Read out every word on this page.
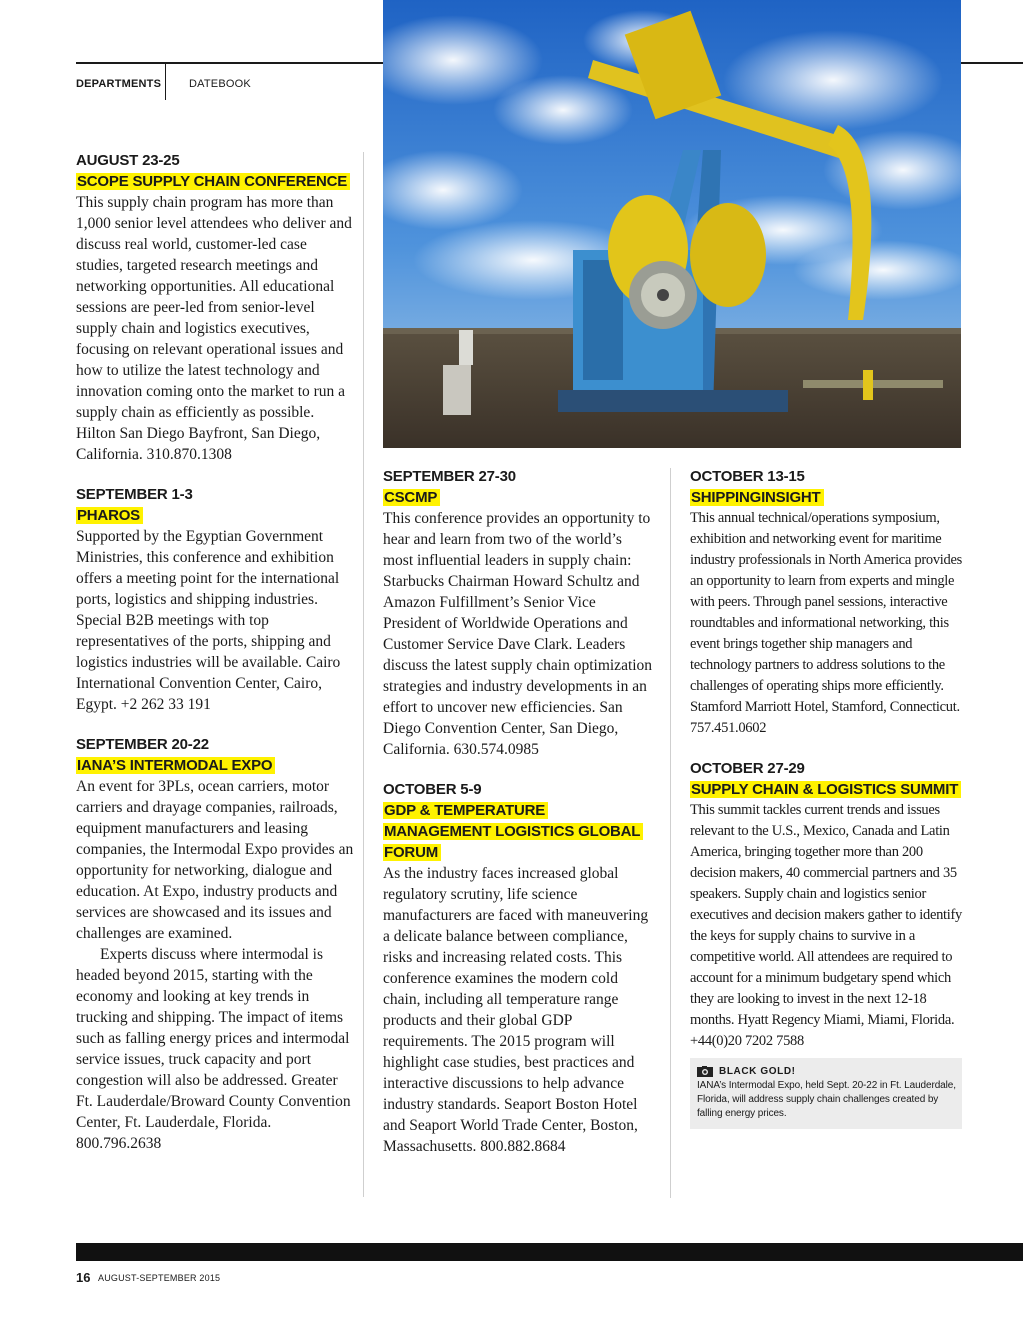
DEPARTMENTS	DATEBOOK
AUGUST 23-25
SCOPE SUPPLY CHAIN CONFERENCE

This supply chain program has more than 1,000 senior level attendees who deliver and discuss real world, customer-led case studies, targeted research meetings and networking opportunities. All educational sessions are peer-led from senior-level supply chain and logistics executives, focusing on relevant operational issues and how to utilize the latest technology and innovation coming onto the market to run a supply chain as efficiently as possible. Hilton San Diego Bayfront, San Diego, California. 310.870.1308

SEPTEMBER 1-3
PHAROS

Supported by the Egyptian Government Ministries, this conference and exhibition offers a meeting point for the international ports, logistics and shipping industries. Special B2B meetings with top representatives of the ports, shipping and logistics industries will be available. Cairo International Convention Center, Cairo, Egypt. +2 262 33 191

SEPTEMBER 20-22
IANA’S INTERMODAL EXPO

An event for 3PLs, ocean carriers, motor carriers and drayage companies, railroads, equipment manufacturers and leasing companies, the Intermodal Expo provides an opportunity for networking, dialogue and education. At Expo, industry products and services are showcased and its issues and challenges are examined.
Experts discuss where intermodal is headed beyond 2015, starting with the economy and looking at key trends in trucking and shipping. The impact of items such as falling energy prices and intermodal service issues, truck capacity and port congestion will also be addressed. Greater Ft. Lauderdale/Broward County Convention Center, Ft. Lauderdale, Florida. 800.796.2638

SEPTEMBER 27-30
CSCMP

This conference provides an opportunity to hear and learn from two of the world’s most influential leaders in supply chain: Starbucks Chairman Howard Schultz and Amazon Fulfillment’s Senior Vice President of Worldwide Operations and Customer Service Dave Clark. Leaders discuss the latest supply chain optimization strategies and industry developments in an effort to uncover new efficiencies. San Diego Convention Center, San Diego, California. 630.574.0985

OCTOBER 5-9
GDP & TEMPERATURE MANAGEMENT LOGISTICS GLOBAL FORUM

As the industry faces increased global regulatory scrutiny, life science manufacturers are faced with maneuvering a delicate balance between compliance, risks and increasing related costs. This conference examines the modern cold chain, including all temperature range products and their global GDP requirements. The 2015 program will highlight case studies, best practices and interactive discussions to help advance industry standards. Seaport Boston Hotel and Seaport World Trade Center, Boston, Massachusetts. 800.882.8684

OCTOBER 13-15
SHIPPINGINSIGHT

This annual technical/operations symposium, exhibition and networking event for maritime industry professionals in North America provides an opportunity to learn from experts and mingle with peers. Through panel sessions, interactive roundtables and informational networking, this event brings together ship managers and technology partners to address solutions to the challenges of operating ships more efficiently. Stamford Marriott Hotel, Stamford, Connecticut. 757.451.0602

OCTOBER 27-29
SUPPLY CHAIN & LOGISTICS SUMMIT

This summit tackles current trends and issues relevant to the U.S., Mexico, Canada and Latin America, bringing together more than 200 decision makers, 40 commercial partners and 35 speakers. Supply chain and logistics senior executives and decision makers gather to identify the keys for supply chains to survive in a competitive world. All attendees are required to account for a minimum budgetary spend which they are looking to invest in the next 12-18 months. Hyatt Regency Miami, Miami, Florida. +44(0)20 7202 7588

BLACK GOLD!
IANA’s Intermodal Expo, held Sept. 20-22 in Ft. Lauderdale, Florida, will address supply chain challenges created by falling energy prices.
16 AUGUST-SEPTEMBER 2015
